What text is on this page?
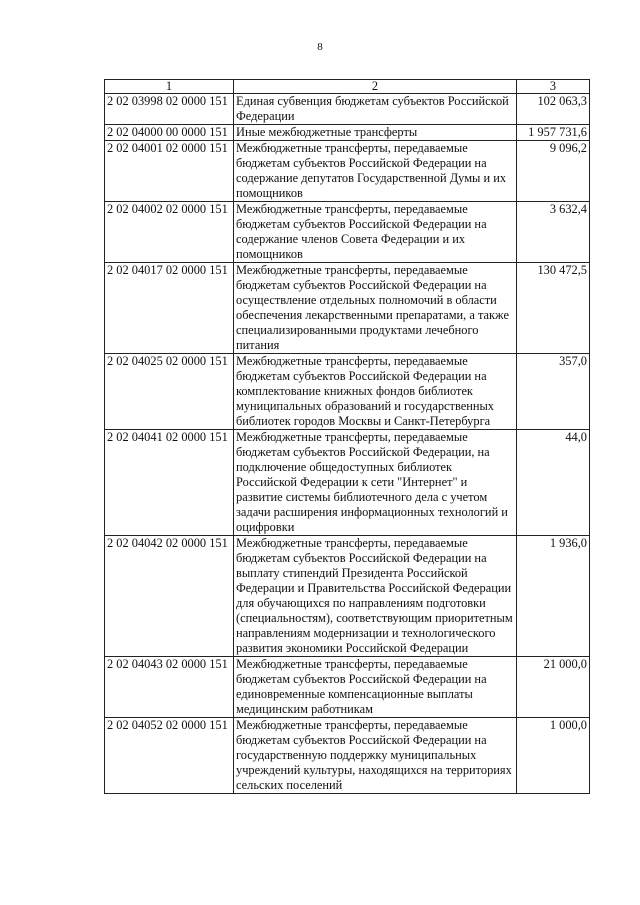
8
1	2	3
2 02 03998 02 0000 151	Единая субвенция бюджетам субъектов Российской Федерации	102 063,3
2 02 04000 00 0000 151	Иные межбюджетные трансферты	1 957 731,6
2 02 04001 02 0000 151	Межбюджетные трансферты, передаваемые бюджетам субъектов Российской Федерации на содержание депутатов Государственной Думы и их помощников	9 096,2
2 02 04002 02 0000 151	Межбюджетные трансферты, передаваемые бюджетам субъектов Российской Федерации на содержание членов Совета Федерации и их помощников	3 632,4
2 02 04017 02 0000 151	Межбюджетные трансферты, передаваемые бюджетам субъектов Российской Федерации на осуществление отдельных полномочий в области обеспечения лекарственными препаратами, а также специализированными продуктами лечебного питания	130 472,5
2 02 04025 02 0000 151	Межбюджетные трансферты, передаваемые бюджетам субъектов Российской Федерации на комплектование книжных фондов библиотек муниципальных образований и государственных библиотек городов Москвы и Санкт-Петербурга	357,0
2 02 04041 02 0000 151	Межбюджетные трансферты, передаваемые бюджетам субъектов Российской Федерации, на подключение общедоступных библиотек Российской Федерации к сети "Интернет" и развитие системы библиотечного дела с учетом задачи расширения информационных технологий и оцифровки	44,0
2 02 04042 02 0000 151	Межбюджетные трансферты, передаваемые бюджетам субъектов Российской Федерации на выплату стипендий Президента Российской Федерации и Правительства Российской Федерации для обучающихся по направлениям подготовки (специальностям), соответствующим приоритетным направлениям модернизации и технологического развития экономики Российской Федерации	1 936,0
2 02 04043 02 0000 151	Межбюджетные трансферты, передаваемые бюджетам субъектов Российской Федерации на единовременные компенсационные выплаты медицинским работникам	21 000,0
2 02 04052 02 0000 151	Межбюджетные трансферты, передаваемые бюджетам субъектов Российской Федерации на государственную поддержку муниципальных учреждений культуры, находящихся на территориях сельских поселений	1 000,0
